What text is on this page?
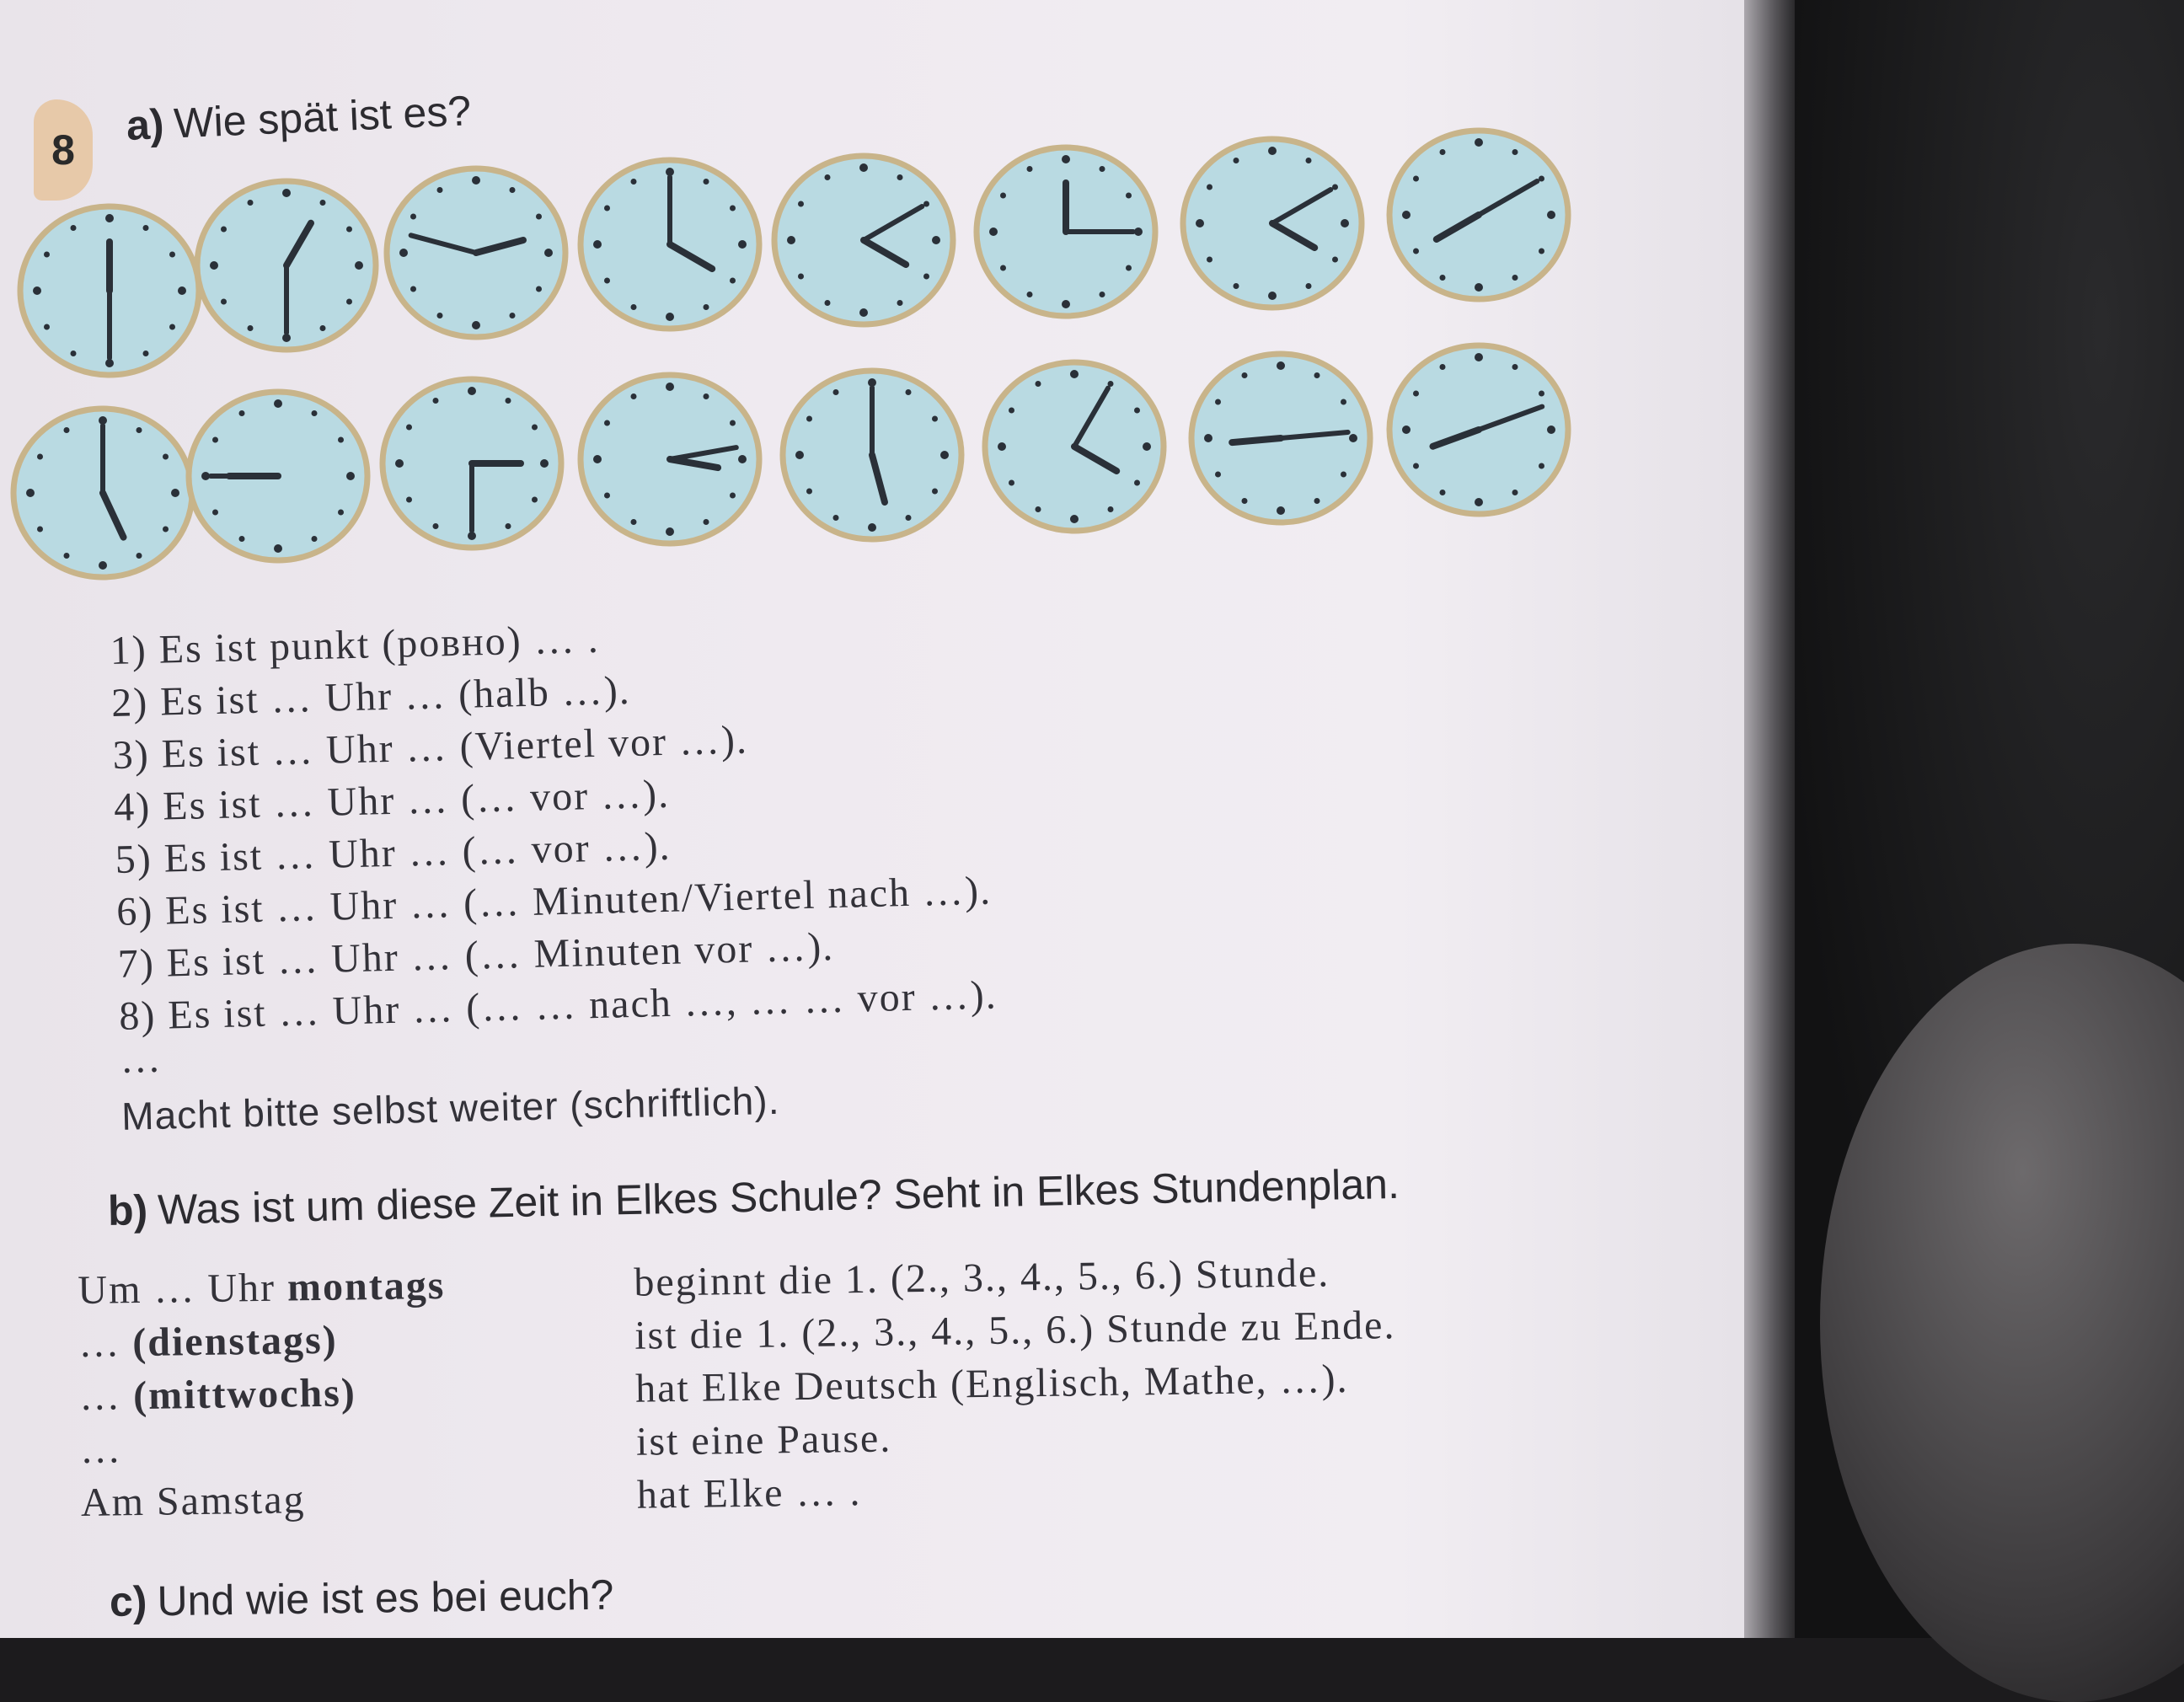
8
a) Wie spät ist es?
1) Es ist punkt (ровно) … .
2) Es ist … Uhr … (halb …).
3) Es ist … Uhr … (Viertel vor …).
4) Es ist … Uhr … (… vor …).
5) Es ist … Uhr … (… vor …).
6) Es ist … Uhr … (… Minuten/Viertel nach …).
7) Es ist … Uhr … (… Minuten vor …).
8) Es ist … Uhr … (… … nach …, … … vor …).
…
Macht bitte selbst weiter (schriftlich).
b) Was ist um diese Zeit in Elkes Schule? Seht in Elkes Stundenplan.
Um … Uhr montags	beginnt die 1. (2., 3., 4., 5., 6.) Stunde.
… (dienstags)	ist die 1. (2., 3., 4., 5., 6.) Stunde zu Ende.
… (mittwochs)	hat Elke Deutsch (Englisch, Mathe, …).
…	ist eine Pause.
Am Samstag	hat Elke … .
c) Und wie ist es bei euch?
